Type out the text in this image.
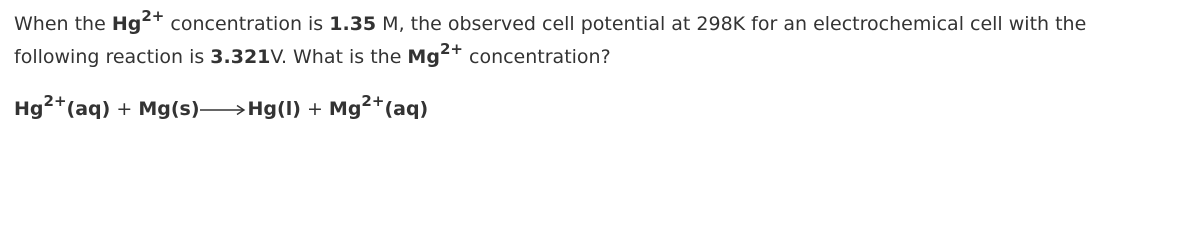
When the $Hg^{2+}$ concentration is 1.35 M, the observed cell potential at 298K for an electrochemical cell with the
following reaction is 3.321V. What is the $Mg^{2+}$ concentration?
$Hg^{2+}(aq) + Mg(s)$	$Hg(l) + Mg^{2+}(aq)$
